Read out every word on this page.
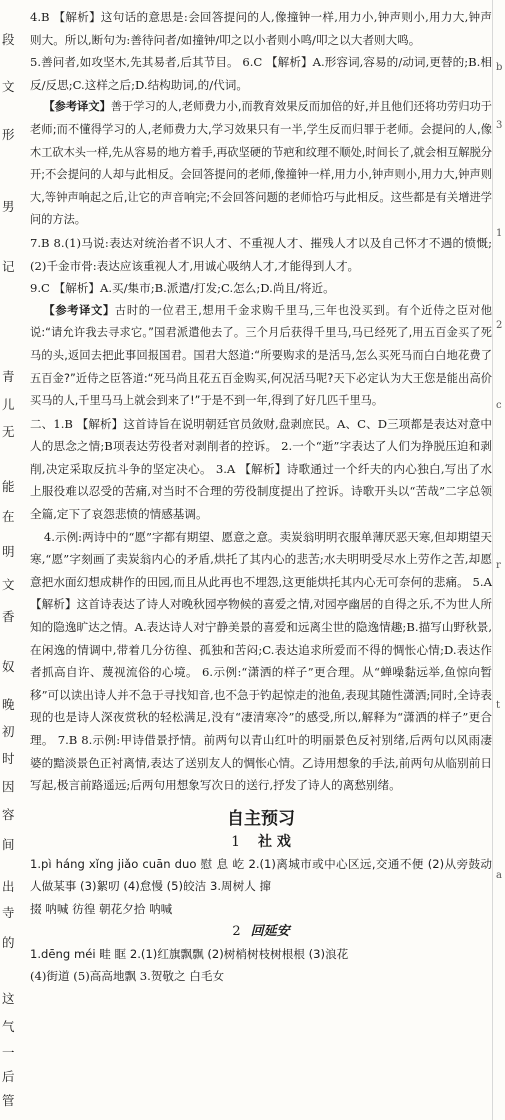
段
文
形
男
记
青
儿
无
能
在
明
文
香
奴
晚
初
时
因
容
间
出
寺
的
这
气
一
后
管
b
3
1
2
c
r
t
a

4.B 【解析】这句话的意思是:会回答提问的人,像撞钟一样,用力小,钟声则小,用力大,钟声则大。所以,断句为:善待问者/如撞钟/叩之以小者则小鸣/叩之以大者则大鸣。

5.善问者,如攻坚木,先其易者,后其节目。 6.C 【解析】A.形容词,容易的/动词,更替的;B.相反/反思;C.这样之后;D.结构助词,的/代词。

【参考译文】善于学习的人,老师费力小,而教育效果反而加倍的好,并且他们还将功劳归功于老师;而不懂得学习的人,老师费力大,学习效果只有一半,学生反而归罪于老师。会提问的人,像木工砍木头一样,先从容易的地方着手,再砍坚硬的节疤和纹理不顺处,时间长了,就会相互解脱分开;不会提问的人却与此相反。会回答提问的老师,像撞钟一样,用力小,钟声则小,用力大,钟声则大,等钟声响起之后,让它的声音响完;不会回答问题的老师恰巧与此相反。这些都是有关增进学问的方法。

7.B 8.(1)马说:表达对统治者不识人才、不重视人才、摧残人才以及自己怀才不遇的愤慨;(2)千金市骨:表达应该重视人才,用诚心吸纳人才,才能得到人才。

9.C 【解析】A.买/集市;B.派遣/打发;C.怎么;D.尚且/将近。

【参考译文】古时的一位君王,想用千金求购千里马,三年也没买到。有个近侍之臣对他说:“请允许我去寻求它。”国君派遣他去了。三个月后获得千里马,马已经死了,用五百金买了死马的头,返回去把此事回报国君。国君大怒道:“所要购求的是活马,怎么买死马而白白地花费了五百金?”近侍之臣答道:“死马尚且花五百金购买,何况活马呢?天下必定认为大王您是能出高价买马的人,千里马马上就会到来了!”于是不到一年,得到了好几匹千里马。

二、1.B 【解析】这首诗旨在说明朝廷官员敛财,盘剥庶民。A、C、D三项都是表达对意中人的思念之情;B项表达劳役者对剥削者的控诉。 2.一个“逝”字表达了人们为挣脱压迫和剥削,决定采取反抗斗争的坚定决心。 3.A 【解析】诗歌通过一个纤夫的内心独白,写出了水上服役难以忍受的苦痛,对当时不合理的劳役制度提出了控诉。诗歌开头以“苦哉”二字总领全篇,定下了哀怨悲愤的情感基调。

4.示例:两诗中的“愿”字都有期望、愿意之意。卖炭翁明明衣服单薄厌恶天寒,但却期望天寒,“愿”字刻画了卖炭翁内心的矛盾,烘托了其内心的悲苦;水夫明明受尽水上劳作之苦,却愿意把水面幻想成耕作的田园,而且从此再也不埋怨,这更能烘托其内心无可奈何的悲痛。 5.A 【解析】这首诗表达了诗人对晚秋园亭物候的喜爱之情,对园亭幽居的自得之乐,不为世人所知的隐逸旷达之情。A.表达诗人对宁静美景的喜爱和远离尘世的隐逸情趣;B.描写山野秋景,在闲逸的情调中,带着几分彷徨、孤独和苦闷;C.表达追求所爱而不得的惆怅心情;D.表达作者抓高自许、蔑视流俗的心境。 6.示例:“潇洒的样子”更合理。从“蝉噪黏远举,鱼惊向暂移”可以读出诗人并不急于寻找知音,也不急于钓起惊走的池鱼,表现其随性潇洒;同时,全诗表现的也是诗人深夜赏秋的轻松满足,没有“凄清寒冷”的感受,所以,解释为“潇洒的样子”更合理。 7.B 8.示例:甲诗借景抒情。前两句以青山红叶的明丽景色反衬别绪,后两句以风雨凄婆的黯淡景色正衬离情,表达了送别友人的惆怅心情。乙诗用想象的手法,前两句从临别前日写起,极言前路遥远;后两句用想象写次日的送行,抒发了诗人的离愁别绪。

自主预习
1 社 戏

1.pì háng xǐng jiǎo cuān duo 慰 息 屹 2.(1)离城市或中心区远,交通不便 (2)从旁鼓动人做某事 (3)絮叨 (4)怠慢 (5)皎洁 3.周树人 撺

掇 呐喊 彷徨 朝花夕拾 呐喊

2 回延安

1.dēng méi 畦 眶 2.(1)红旗飘飘 (2)树梢树枝树根根 (3)浪花

(4)街道 (5)高高地飘 3.贺敬之 白毛女
